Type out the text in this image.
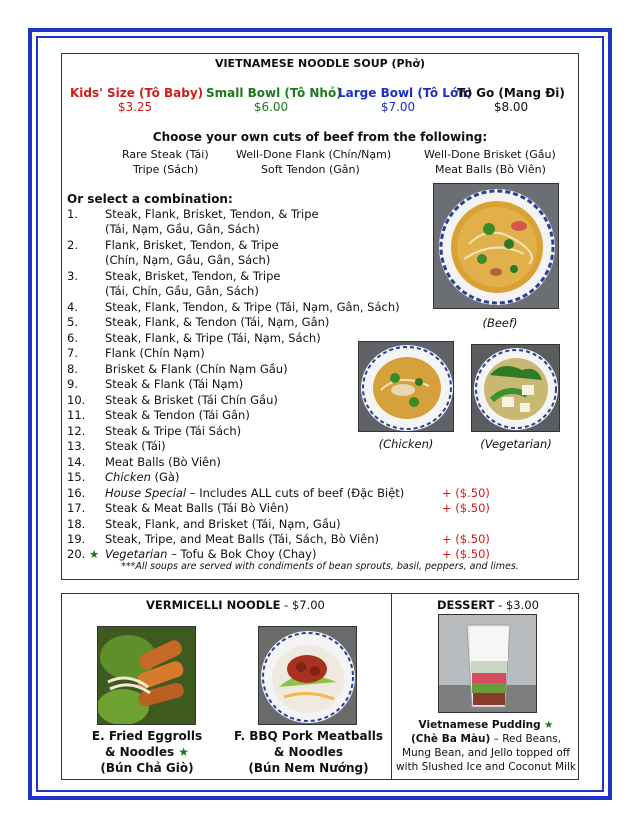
VIETNAMESE NOODLE SOUP (Phở)
Kids' Size (Tô Baby)
$3.25
Small Bowl (Tô Nhỏ)
$6.00
Large Bowl (Tô Lớn)
$7.00
To Go (Mang Đi)
$8.00
Choose your own cuts of beef from the following:
Rare Steak (Tái) Well-Done Flank (Chín/Nạm)	Well-Done Brisket (Gầu)
Tripe (Sách)	Soft Tendon (Gân)	Meat Balls (Bò Viên)
Or select a combination:
1. Steak, Flank, Brisket, Tendon, & Tripe
(Tái, Nạm, Gầu, Gân, Sách)
2. Flank, Brisket, Tendon, & Tripe
(Chín, Nạm, Gầu, Gân, Sách)
3. Steak, Brisket, Tendon, & Tripe
(Tái, Chín, Gầu, Gân, Sách)
4. Steak, Flank, Tendon, & Tripe (Tái, Nạm, Gân, Sách)
5. Steak, Flank, & Tendon (Tái, Nạm, Gân)
6. Steak, Flank, & Tripe (Tái, Nạm, Sách)
7. Flank (Chín Nạm)
8. Brisket & Flank (Chín Nạm Gầu)
9. Steak & Flank (Tái Nạm)
10. Steak & Brisket (Tái Chín Gầu)
11. Steak & Tendon (Tái Gân)
12. Steak & Tripe (Tái Sách)
13. Steak (Tái)
14. Meat Balls (Bò Viên)
15. Chicken (Gà)
16. House Special – Includes ALL cuts of beef (Đặc Biệt)	+ ($.50)
17. Steak & Meat Balls (Tái Bò Viên)	+ ($.50)
18. Steak, Flank, and Brisket (Tái, Nạm, Gầu)
19. Steak, Tripe, and Meat Balls (Tái, Sách, Bò Viên)	+ ($.50)
20. ★ Vegetarian – Tofu & Bok Choy (Chay)	+ ($.50)
***All soups are served with condiments of bean sprouts, basil, peppers, and limes.
(Beef)
(Chicken)	(Vegetarian)
VERMICELLI NOODLE - $7.00
E. Fried Eggrolls
& Noodles ★
(Bún Chả Giò)
F. BBQ Pork Meatballs
& Noodles
(Bún Nem Nướng)
DESSERT - $3.00
Vietnamese Pudding ★
(Chè Ba Màu) – Red Beans, Mung Bean, and Jello topped off with Slushed Ice and Coconut Milk
